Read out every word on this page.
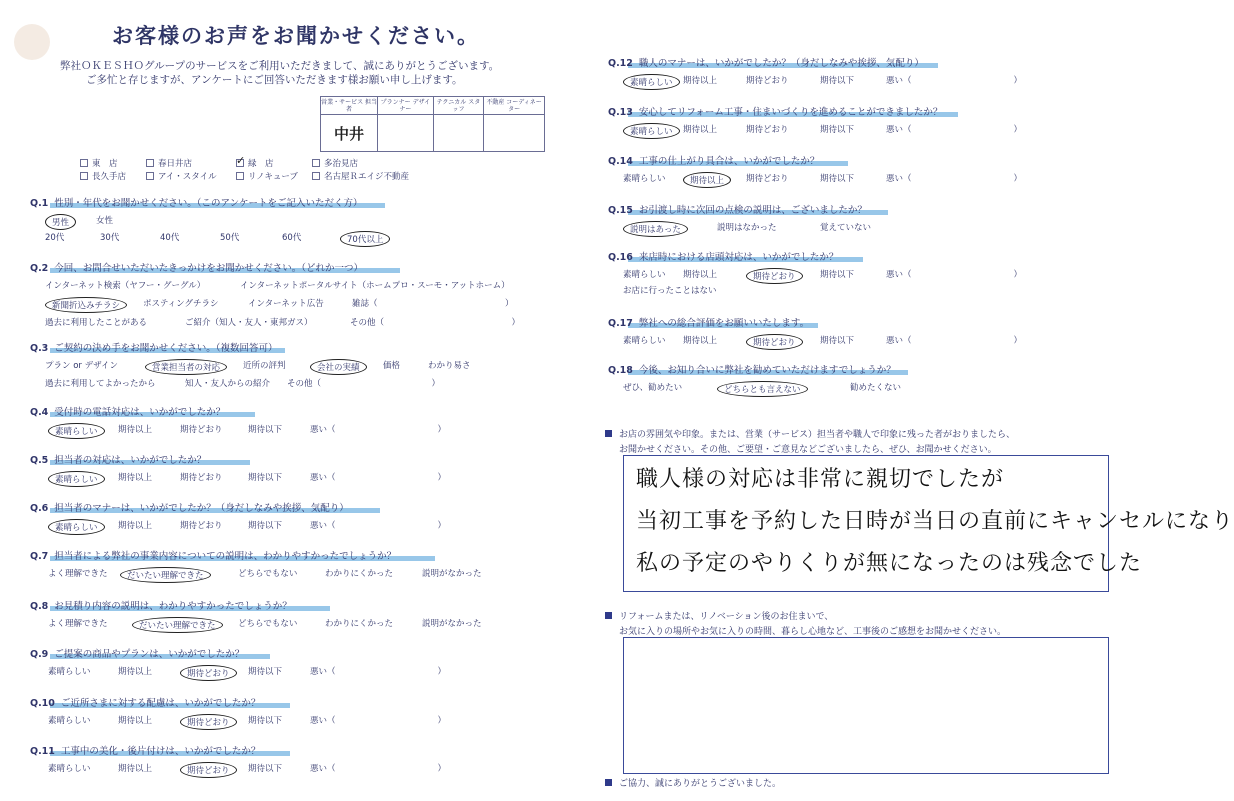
お客様のお声をお聞かせください。
弊社ＯＫＥＳＨＯグループのサービスをご利用いただきまして、誠にありがとうございます。
ご多忙と存じますが、アンケートにご回答いただきます様お願い申し上げます。
営業・サービス 担当者	プランナー デザイナー	テクニカル スタッフ	不動産 コーディネーター
中井			
東　店	春日井店 ✓	緑　店	多治見店
長久手店	アイ・スタイル	リノキューブ	名古屋Ｒエイジ不動産
Q.1 性別・年代をお聞かせください。（このアンケートをご記入いただく方）
男性	女性
20代	30代	40代	50代	60代	70代以上
Q.2 今回、お問合せいただいたきっかけをお聞かせください。（どれか一つ）
インターネット検索（ヤフー・グーグル）	インターネットポータルサイト（ホームプロ・スーモ・アットホーム）
新聞折込みチラシ	ポスティングチラシ	インターネット広告	雑誌（　　　　　　　　　　　　　　　）
過去に利用したことがある	ご紹介（知人・友人・東邦ガス）	その他（　　　　　　　　　　　　　　　）
Q.3 ご契約の決め手をお聞かせください。（複数回答可）
プラン or デザイン	営業担当者の対応	近所の評判	会社の実績	価格	わかり易さ
過去に利用してよかったから	知人・友人からの紹介 その他（　　　　　　　　　　　　　）
Q.4 受付時の電話対応は、いかがでしたか？
素晴らしい	期待以上	期待どおり	期待以下	悪い（　　　　　　　　　　　　）
Q.5 担当者の対応は、いかがでしたか？
素晴らしい	期待以上	期待どおり	期待以下	悪い（　　　　　　　　　　　　）
Q.6 担当者のマナーは、いかがでしたか？（身だしなみや挨拶、気配り）
素晴らしい	期待以上	期待どおり	期待以下	悪い（　　　　　　　　　　　　）
Q.7 担当者による弊社の事業内容についての説明は、わかりやすかったでしょうか？
よく理解できた	だいたい理解できた	どちらでもない	わかりにくかった	説明がなかった
Q.8 お見積り内容の説明は、わかりやすかったでしょうか？
よく理解できた	だいたい理解できた	どちらでもない	わかりにくかった	説明がなかった
Q.9 ご提案の商品やプランは、いかがでしたか？
素晴らしい	期待以上	期待どおり	期待以下	悪い（　　　　　　　　　　　　）
Q.10 ご近所さまに対する配慮は、いかがでしたか？
素晴らしい	期待以上	期待どおり	期待以下	悪い（　　　　　　　　　　　　）
Q.11 工事中の美化・後片付けは、いかがでしたか？
素晴らしい	期待以上	期待どおり	期待以下	悪い（　　　　　　　　　　　　）
Q.12 職人のマナーは、いかがでしたか？（身だしなみや挨拶、気配り）
素晴らしい	期待以上	期待どおり	期待以下	悪い（　　　　　　　　　　　　）
Q.13 安心してリフォーム工事・住まいづくりを進めることができましたか？
素晴らしい	期待以上	期待どおり	期待以下	悪い（　　　　　　　　　　　　）
Q.14 工事の仕上がり具合は、いかがでしたか？
素晴らしい	期待以上	期待どおり	期待以下	悪い（　　　　　　　　　　　　）
Q.15 お引渡し時に次回の点検の説明は、ございましたか？
説明はあった	説明はなかった	覚えていない
Q.16 来店時における店頭対応は、いかがでしたか？
素晴らしい 期待以上	期待どおり	期待以下	悪い（　　　　　　　　　　　　）
お店に行ったことはない
Q.17 弊社への総合評価をお願いいたします。
素晴らしい 期待以上	期待どおり	期待以下	悪い（　　　　　　　　　　　　）
Q.18 今後、お知り合いに弊社を勧めていただけますでしょうか？
ぜひ、勧めたい	どちらとも言えない	勧めたくない
お店の雰囲気や印象。または、営業（サービス）担当者や職人で印象に残った者がおりましたら、
お聞かせください。その他、ご要望・ご意見などございましたら、ぜひ、お聞かせください。
職人様の対応は非常に親切でしたが
当初工事を予約した日時が当日の直前にキャンセルになり
私の予定のやりくりが無になったのは残念でした
リフォームまたは、リノベーション後のお住まいで、
お気に入りの場所やお気に入りの時間、暮らし心地など、工事後のご感想をお聞かせください。
ご協力、誠にありがとうございました。
